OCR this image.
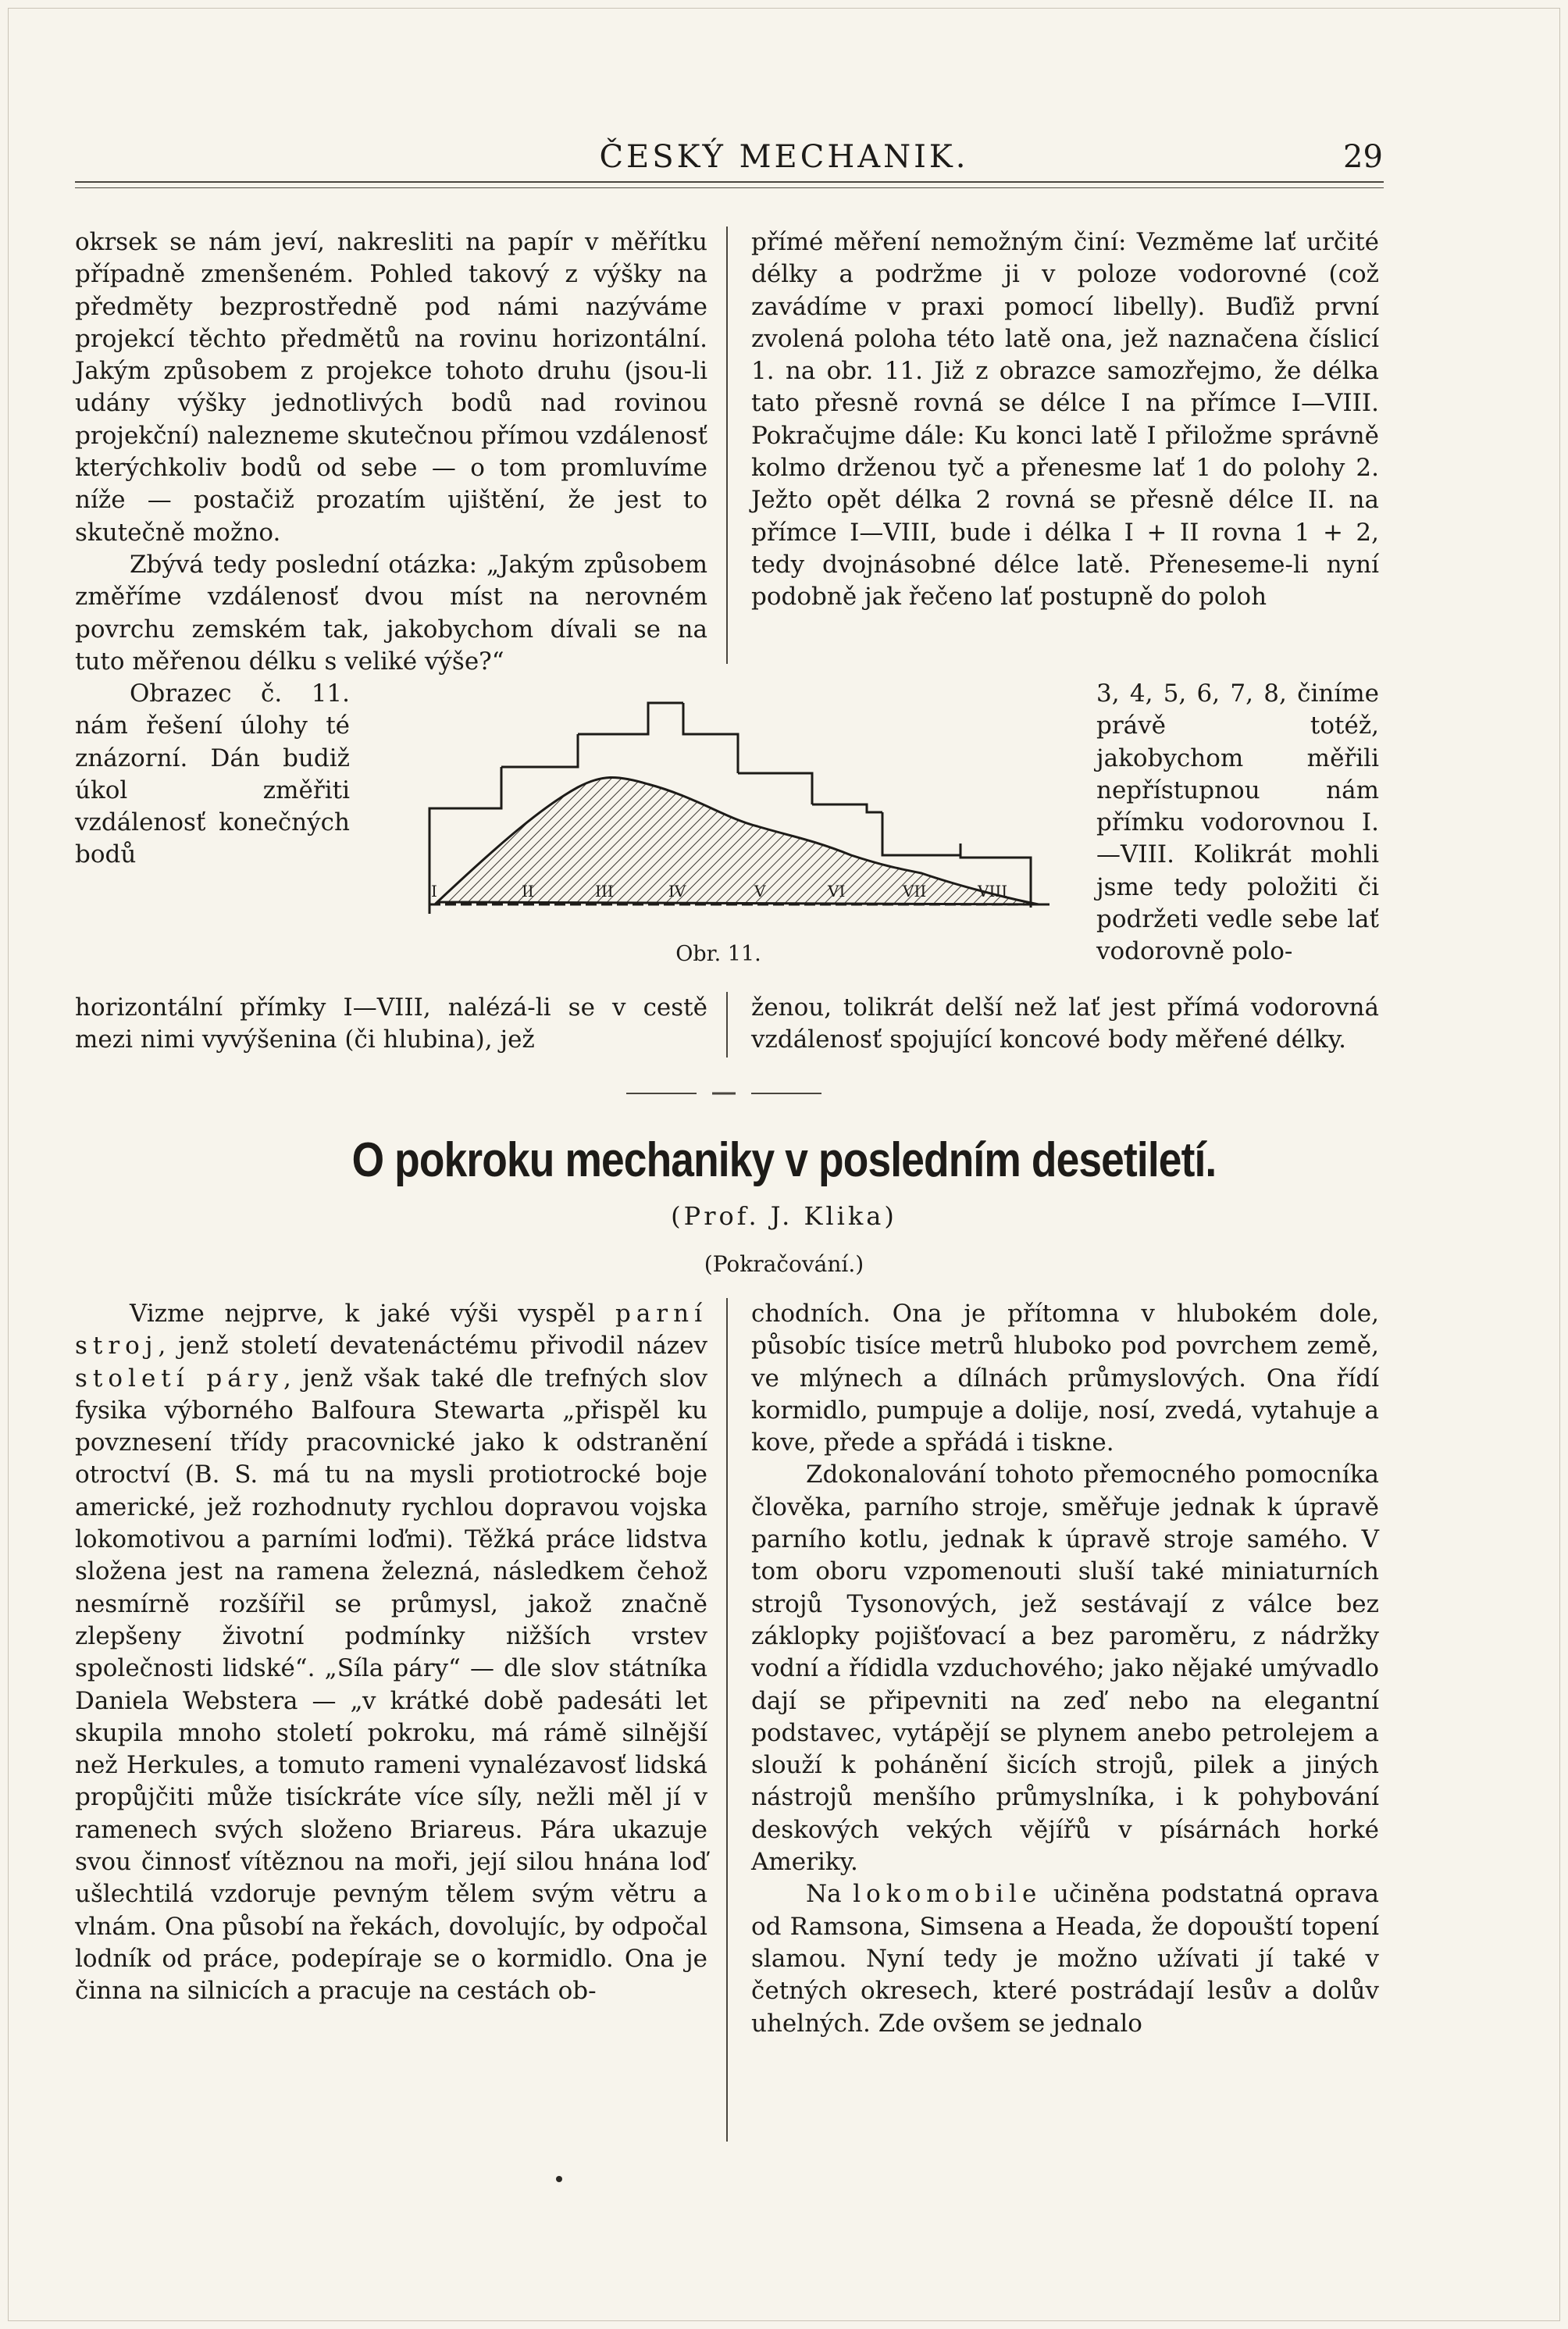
ČESKÝ MECHANIK.	29

okrsek se nám jeví, nakresliti na papír v měřítku případně zmenšeném. Pohled takový z výšky na předměty bezprostředně pod námi nazýváme projekcí těchto předmětů na rovinu horizontální. Jakým způsobem z projekce tohoto druhu (jsou-li udány výšky jednotlivých bodů nad rovinou projekční) nalezneme skutečnou přímou vzdálenosť kterýchkoliv bodů od sebe — o tom promluvíme níže — postačiž prozatím ujištění, že jest to skutečně možno.

Zbývá tedy poslední otázka: „Jakým způsobem změříme vzdálenosť dvou míst na nerovném povrchu zemském tak, jakobychom dívali se na tuto měřenou délku s veliké výše?“

Obrazec č. 11. nám řešení úlohy té znázorní. Dán budiž úkol změřiti vzdálenosť konečných bodů

horizontální přímky I—VIII, nalézá-li se v cestě mezi nimi vyvýšenina (či hlubina), jež

přímé měření nemožným činí: Vezměme lať určité délky a podržme ji v poloze vodorovné (což zavádíme v praxi pomocí libelly). Buďiž první zvolená poloha této latě ona, jež naznačena číslicí 1. na obr. 11. Již z obrazce samozřejmo, že délka tato přesně rovná se délce I na přímce I—VIII. Pokračujme dále: Ku konci latě I přiložme správně kolmo drženou tyč a přenesme lať 1 do polohy 2. Ježto opět délka 2 rovná se přesně délce II. na přímce I—VIII, bude i délka I + II rovna 1 + 2, tedy dvojnásobné délce latě. Přeneseme-li nyní podobně jak řečeno lať postupně do poloh

3, 4, 5, 6, 7, 8, činíme právě totéž, jakobychom měřili nepřístupnou nám přímku vodorovnou I.—VIII. Kolikrát mohli jsme tedy položiti či podržeti vedle sebe lať vodorovně polo-

ženou, tolikrát delší než lať jest přímá vodorovná vzdálenosť spojující koncové body měřené délky.

I	II	III	IV	V	VI	VII	VIII
Obr. 11.
O pokroku mechaniky v posledním desetiletí.
(Prof. J. Klika)
(Pokračování.)

Vizme nejprve, k jaké výši vyspěl parní stroj, jenž století devatenáctému přivodil název století páry, jenž však také dle trefných slov fysika výborného Balfoura Stewarta „přispěl ku povznesení třídy pracovnické jako k odstranění otroctví (B. S. má tu na mysli protiotrocké boje americké, jež rozhodnuty rychlou dopravou vojska lokomotivou a parními loďmi). Těžká práce lidstva složena jest na ramena železná, následkem čehož nesmírně rozšířil se průmysl, jakož značně zlepšeny životní podmínky nižších vrstev společnosti lidské“. „Síla páry“ — dle slov státníka Daniela Webstera — „v krátké době padesáti let skupila mnoho století pokroku, má rámě silnější než Herkules, a tomuto rameni vynalézavosť lidská propůjčiti může tisíckráte více síly, nežli měl jí v ramenech svých složeno Briareus. Pára ukazuje svou činnosť vítěznou na moři, její silou hnána loď ušlechtilá vzdoruje pevným tělem svým větru a vlnám. Ona působí na řekách, dovolujíc, by odpočal lodník od práce, podepíraje se o kormidlo. Ona je činna na silnicích a pracuje na cestách ob-

chodních. Ona je přítomna v hlubokém dole, působíc tisíce metrů hluboko pod povrchem země, ve mlýnech a dílnách průmyslových. Ona řídí kormidlo, pumpuje a dolije, nosí, zvedá, vytahuje a kove, přede a spřádá i tiskne.

Zdokonalování tohoto přemocného pomocníka člověka, parního stroje, směřuje jednak k úpravě parního kotlu, jednak k úpravě stroje samého. V tom oboru vzpomenouti sluší také miniaturních strojů Tysonových, jež sestávají z válce bez záklopky pojišťovací a bez paroměru, z nádržky vodní a řídidla vzduchového; jako nějaké umývadlo dají se připevniti na zeď nebo na elegantní podstavec, vytápějí se plynem anebo petrolejem a slouží k pohánění šicích strojů, pilek a jiných nástrojů menšího průmyslníka, i k pohybování deskových vekých vějířů v písárnách horké Ameriky.

Na lokomobile učiněna podstatná oprava od Ramsona, Simsena a Heada, že dopouští topení slamou. Nyní tedy je možno užívati jí také v četných okresech, které postrádají lesův a dolův uhelných. Zde ovšem se jednalo
